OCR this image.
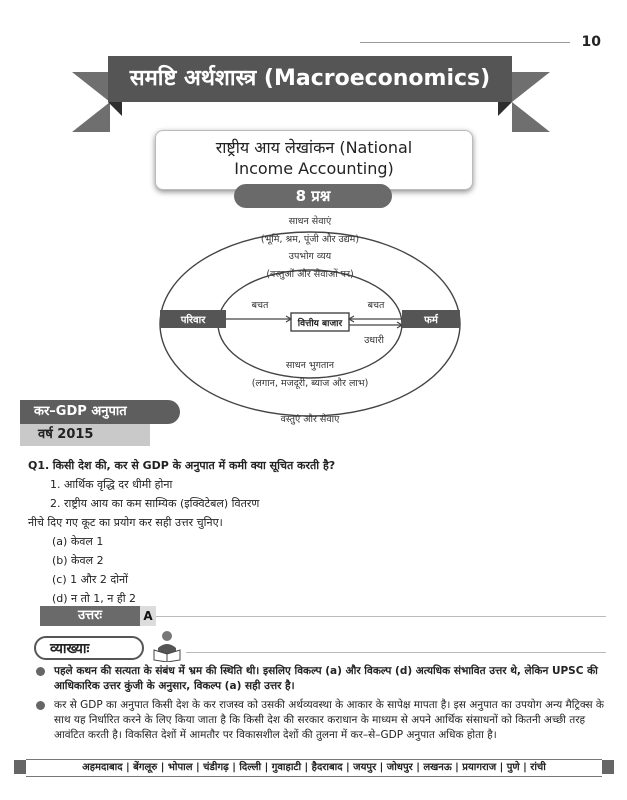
10
समष्टि अर्थशास्त्र (Macroeconomics)
राष्ट्रीय आय लेखांकन (National
Income Accounting)
8 प्रश्न
साधन सेवाएं
(भूमि, श्रम, पूंजी और उद्यम)
उपभोग व्यय
(वस्तुओं और सेवाओं पर)
परिवार	वित्तीय बाजार	फर्म
बचत	बचत
उधारी
साधन भुगतान
(लगान, मजदूरी, ब्याज और लाभ)
वस्तुएं और सेवाएं
कर–GDP अनुपात
वर्ष 2015
Q1. किसी देश की, कर से GDP के अनुपात में कमी क्या सूचित करती है?
1. आर्थिक वृद्धि दर धीमी होना
2. राष्ट्रीय आय का कम साम्यिक (इक्विटेबल) वितरण
नीचे दिए गए कूट का प्रयोग कर सही उत्तर चुनिए।
(a) केवल 1
(b) केवल 2
(c) 1 और 2 दोनों
(d) न तो 1, न ही 2
उत्तरः	A
व्याख्याः
पहले कथन की सत्यता के संबंध में भ्रम की स्थिति थी। इसलिए विकल्प (a) और विकल्प (d) अत्यधिक संभावित उत्तर थे, लेकिन UPSC की आधिकारिक उत्तर कुंजी के अनुसार, विकल्प (a) सही उत्तर है।
कर से GDP का अनुपात किसी देश के कर राजस्व को उसकी अर्थव्यवस्था के आकार के सापेक्ष मापता है। इस अनुपात का उपयोग अन्य मैट्रिक्स के साथ यह निर्धारित करने के लिए किया जाता है कि किसी देश की सरकार कराधान के माध्यम से अपने आर्थिक संसाधनों को कितनी अच्छी तरह आवंटित करती है। विकसित देशों में आमतौर पर विकासशील देशों की तुलना में कर–से–GDP अनुपात अधिक होता है।
अहमदाबाद | बेंगलूरु | भोपाल | चंडीगढ़ | दिल्ली | गुवाहाटी | हैदराबाद | जयपुर | जोधपुर | लखनऊ | प्रयागराज | पुणे | रांची
